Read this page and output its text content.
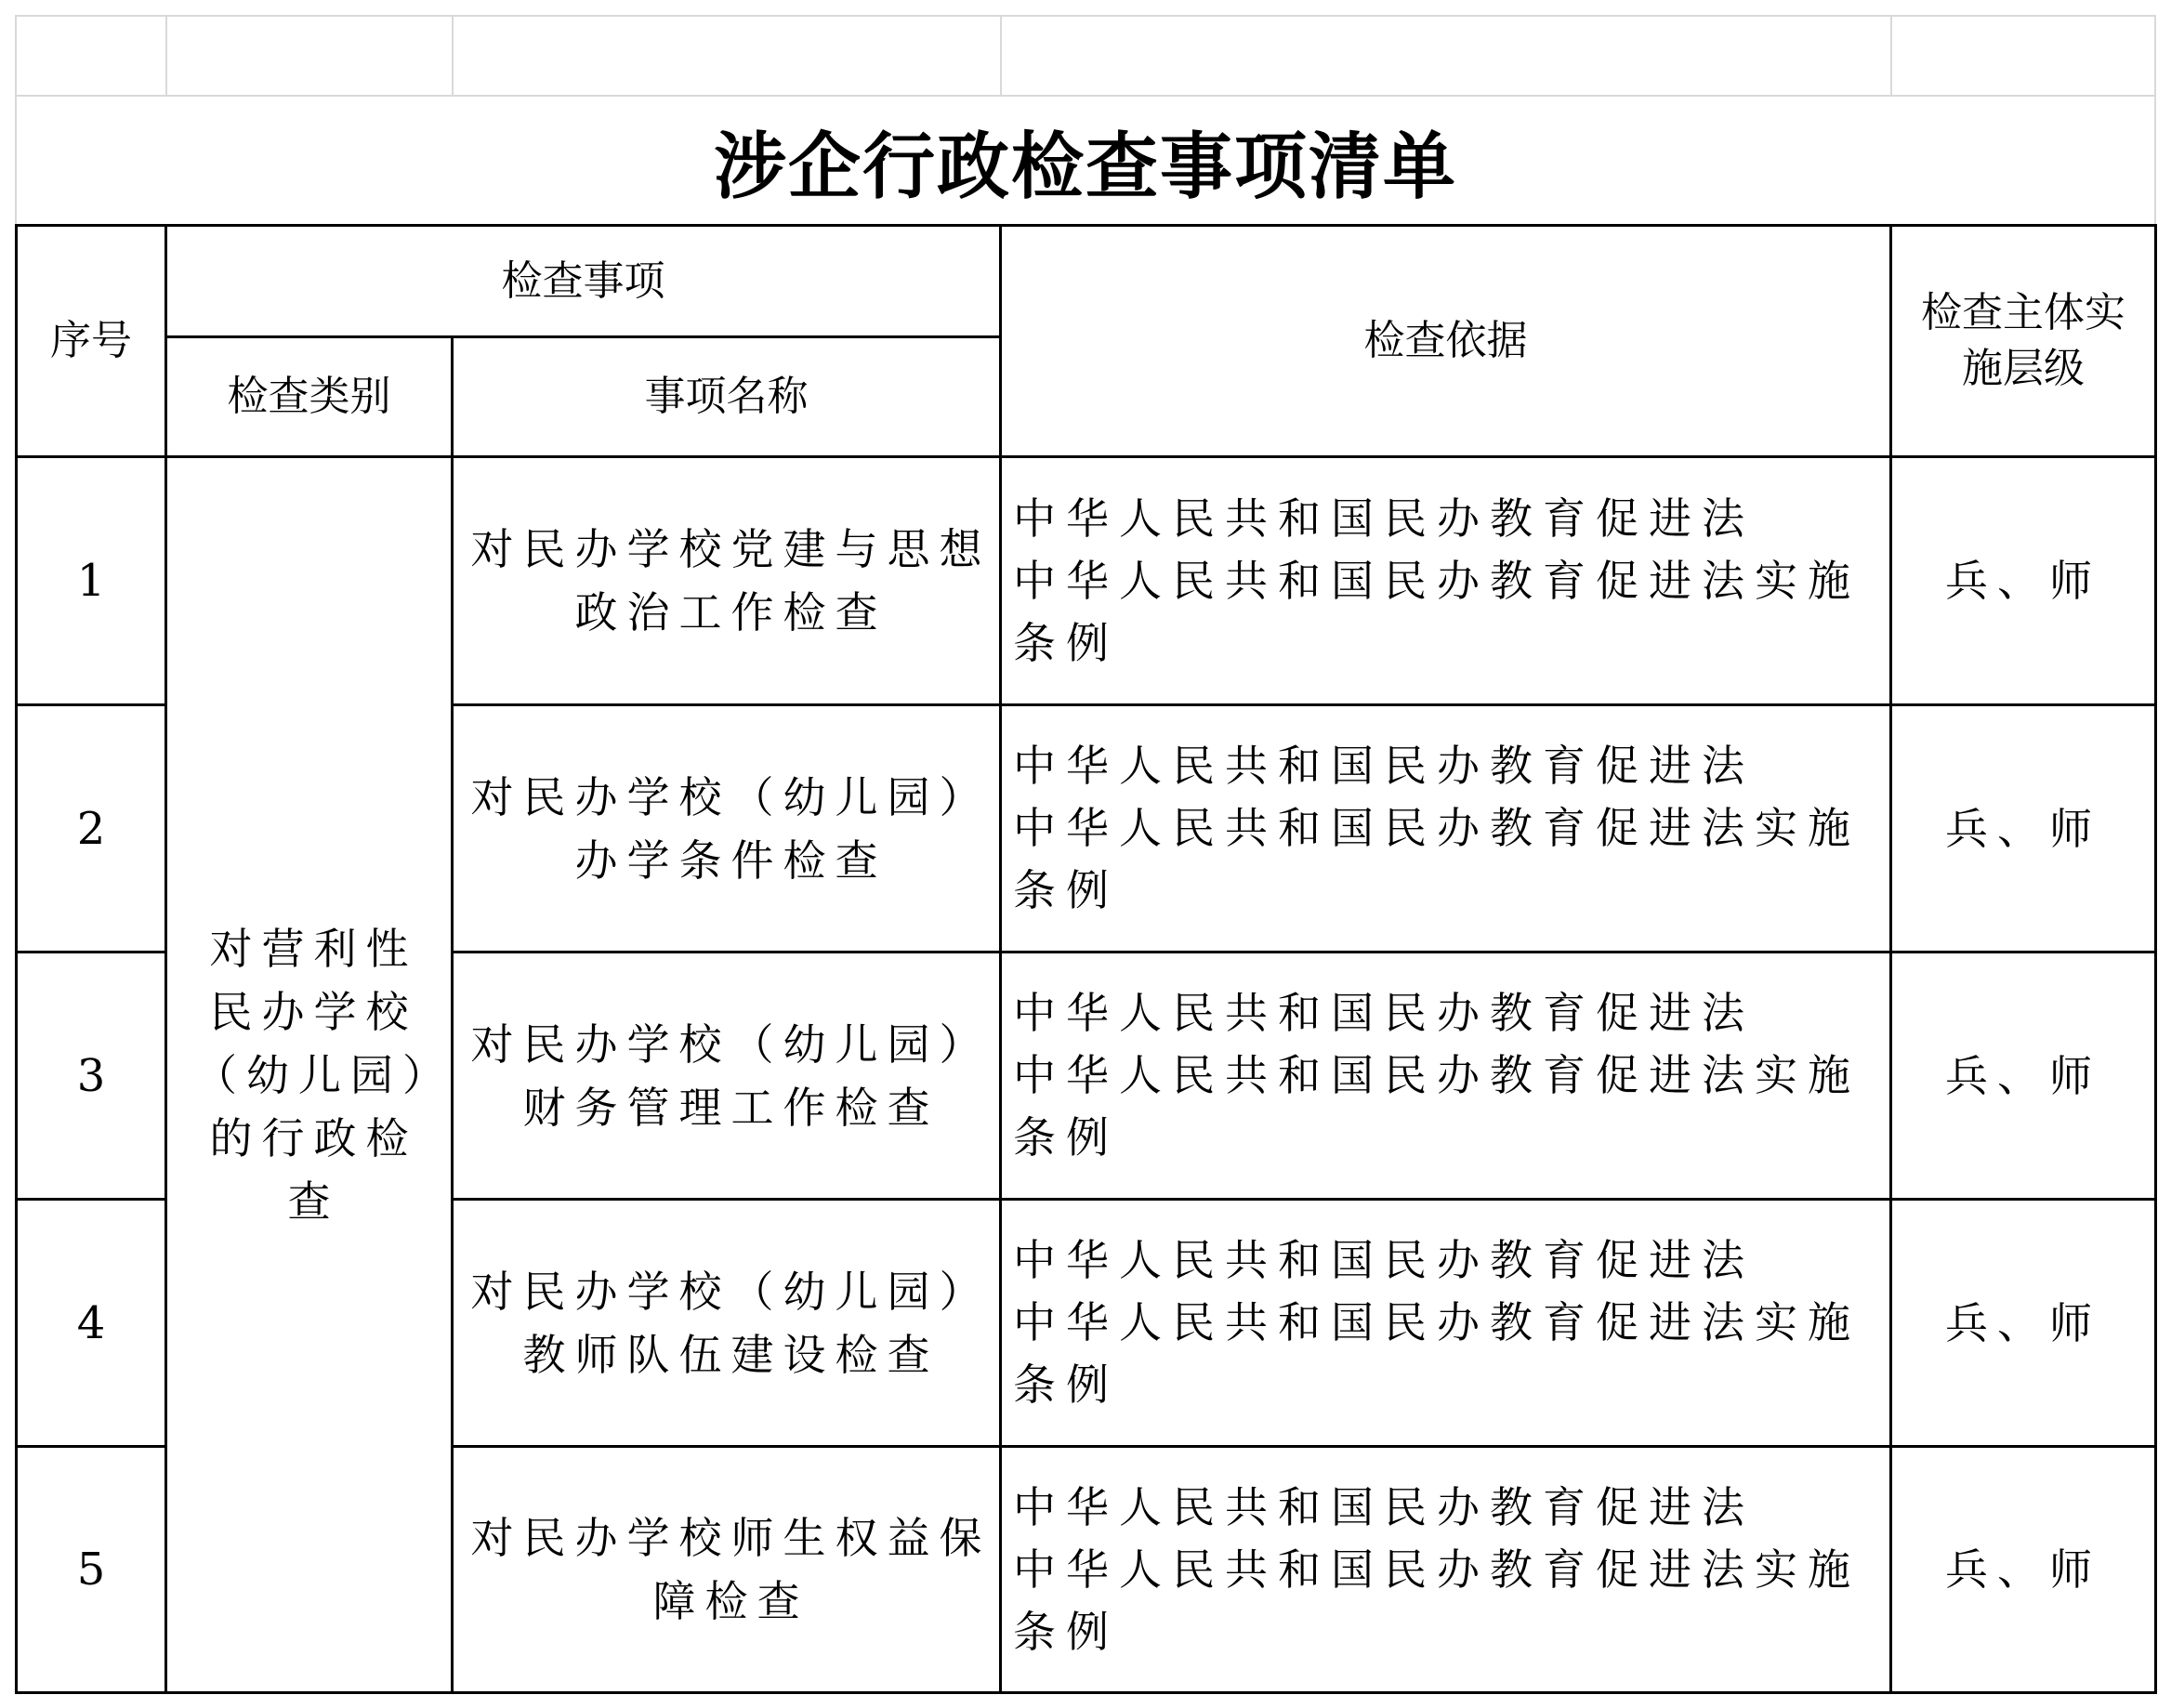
涉企行政检查事项清单
序号
检查事项
检查类别	事项名称
检查依据
检查主体实施层级
对营利性民办学校（幼儿园）的行政检查
1
对民办学校党建与思想政治工作检查
中华人民共和国民办教育促进法
中华人民共和国民办教育促进法实施
条例
兵、师
2
对民办学校（幼儿园）办学条件检查
中华人民共和国民办教育促进法
中华人民共和国民办教育促进法实施
条例
兵、师
3
对民办学校（幼儿园）财务管理工作检查
中华人民共和国民办教育促进法
中华人民共和国民办教育促进法实施
条例
兵、师
4
对民办学校（幼儿园）教师队伍建设检查
中华人民共和国民办教育促进法
中华人民共和国民办教育促进法实施
条例
兵、师
5
对民办学校师生权益保障检查
中华人民共和国民办教育促进法
中华人民共和国民办教育促进法实施
条例
兵、师
